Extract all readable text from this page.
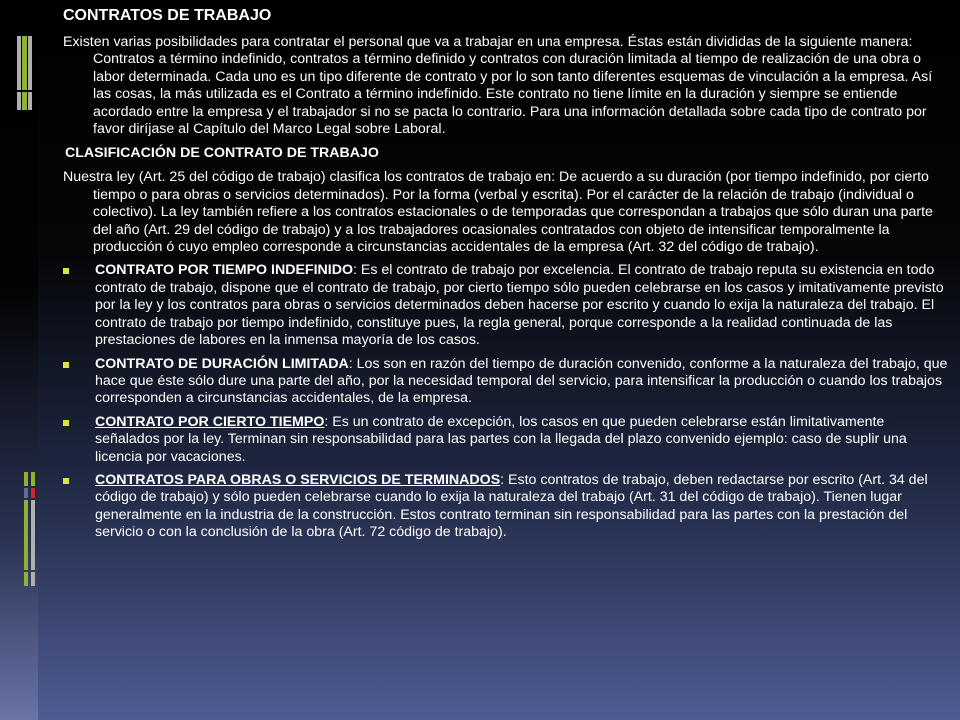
CONTRATOS DE TRABAJO
Existen varias posibilidades para contratar el personal que va a trabajar en una empresa. Éstas están divididas de la siguiente manera: Contratos a término indefinido, contratos a término definido y contratos con duración limitada al tiempo de realización de una obra o labor determinada. Cada uno es un tipo diferente de contrato y por lo son tanto diferentes esquemas de vinculación a la empresa. Así las cosas, la más utilizada es el Contrato a término indefinido. Este contrato no tiene límite en la duración y siempre se entiende acordado entre la empresa y el trabajador si no se pacta lo contrario. Para una información detallada sobre cada tipo de contrato por favor diríjase al Capítulo del Marco Legal sobre Laboral.
CLASIFICACIÓN DE CONTRATO DE TRABAJO
Nuestra ley (Art. 25 del código de trabajo) clasifica los contratos de trabajo en: De acuerdo a su duración (por tiempo indefinido, por cierto tiempo o para obras o servicios determinados). Por la forma (verbal y escrita). Por el carácter de la relación de trabajo (individual o colectivo). La ley también refiere a los contratos estacionales o de temporadas que correspondan a trabajos que sólo duran una parte del año (Art. 29 del código de trabajo) y a los trabajadores ocasionales contratados con objeto de intensificar temporalmente la producción ó cuyo empleo corresponde a circunstancias accidentales de la empresa (Art. 32 del código de trabajo).
CONTRATO POR TIEMPO INDEFINIDO: Es el contrato de trabajo por excelencia. El contrato de trabajo reputa su existencia en todo contrato de trabajo, dispone que el contrato de trabajo, por cierto tiempo sólo pueden celebrarse en los casos y imitativamente previsto por la ley y los contratos para obras o servicios determinados deben hacerse por escrito y cuando lo exija la naturaleza del trabajo. El contrato de trabajo por tiempo indefinido, constituye pues, la regla general, porque corresponde a la realidad continuada de las prestaciones de labores en la inmensa mayoría de los casos.
CONTRATO DE DURACIÓN LIMITADA: Los son en razón del tiempo de duración convenido, conforme a la naturaleza del trabajo, que hace que éste sólo dure una parte del año, por la necesidad temporal del servicio, para intensificar la producción o cuando los trabajos corresponden a circunstancias accidentales, de la empresa.
CONTRATO POR CIERTO TIEMPO: Es un contrato de excepción, los casos en que pueden celebrarse están limitativamente señalados por la ley. Terminan sin responsabilidad para las partes con la llegada del plazo convenido ejemplo: caso de suplir una licencia por vacaciones.
CONTRATOS PARA OBRAS O SERVICIOS DE TERMINADOS: Esto contratos de trabajo, deben redactarse por escrito (Art. 34 del código de trabajo) y sólo pueden celebrarse cuando lo exija la naturaleza del trabajo (Art. 31 del código de trabajo). Tienen lugar generalmente en la industria de la construcción. Estos contrato terminan sin responsabilidad para las partes con la prestación del servicio o con la conclusión de la obra (Art. 72 código de trabajo).
